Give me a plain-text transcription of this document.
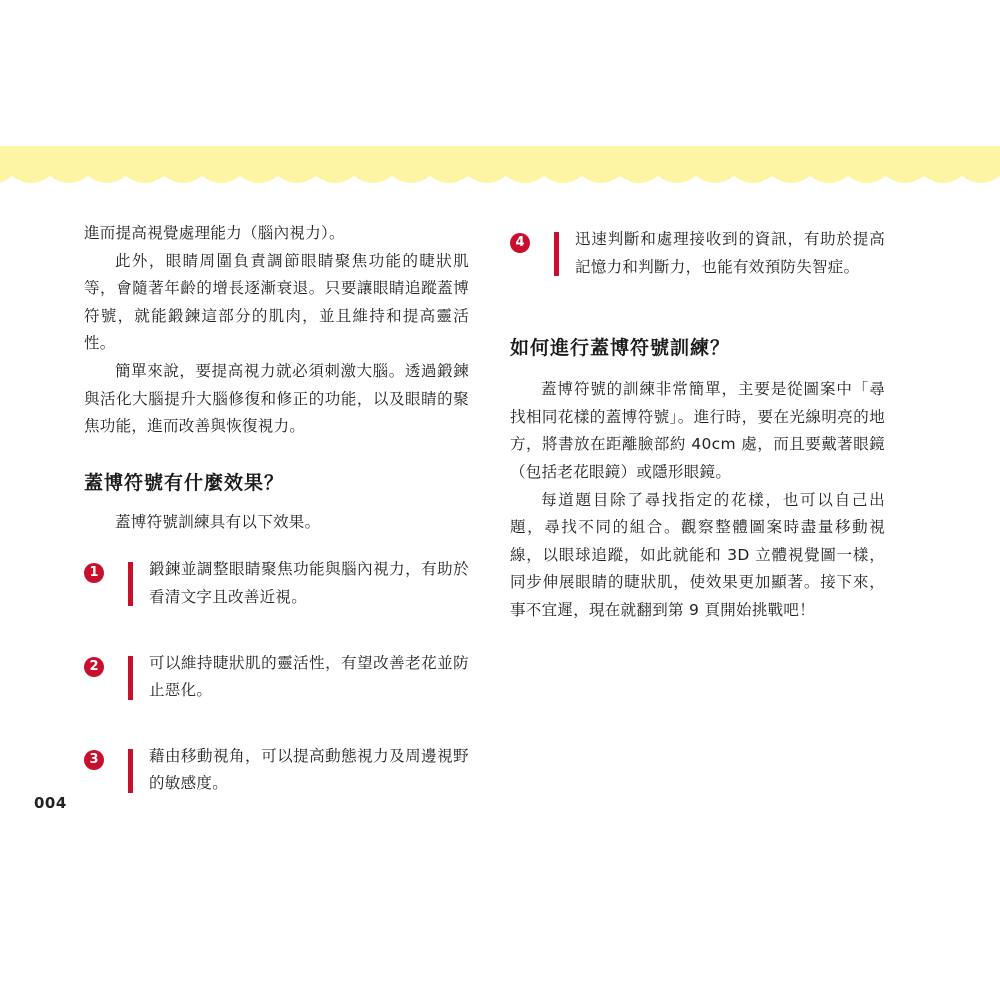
進而提高視覺處理能力（腦內視力）。

此外，眼睛周圍負責調節眼睛聚焦功能的睫狀肌等，會隨著年齡的增長逐漸衰退。只要讓眼睛追蹤蓋博符號，就能鍛鍊這部分的肌肉，並且維持和提高靈活性。

簡單來說，要提高視力就必須刺激大腦。透過鍛鍊與活化大腦提升大腦修復和修正的功能，以及眼睛的聚焦功能，進而改善與恢復視力。

蓋博符號有什麼效果？

蓋博符號訓練具有以下效果。

1	鍛鍊並調整眼睛聚焦功能與腦內視力，有助於看清文字且改善近視。

2	可以維持睫狀肌的靈活性，有望改善老花並防止惡化。

3	藉由移動視角，可以提高動態視力及周邊視野的敏感度。

4	迅速判斷和處理接收到的資訊，有助於提高記憶力和判斷力，也能有效預防失智症。

如何進行蓋博符號訓練？

蓋博符號的訓練非常簡單，主要是從圖案中「尋找相同花樣的蓋博符號」。進行時，要在光線明亮的地方，將書放在距離臉部約 40cm 處，而且要戴著眼鏡（包括老花眼鏡）或隱形眼鏡。

每道題目除了尋找指定的花樣，也可以自己出題，尋找不同的組合。觀察整體圖案時盡量移動視線，以眼球追蹤，如此就能和 3D 立體視覺圖一樣，同步伸展眼睛的睫狀肌，使效果更加顯著。接下來，事不宜遲，現在就翻到第 9 頁開始挑戰吧！

004
